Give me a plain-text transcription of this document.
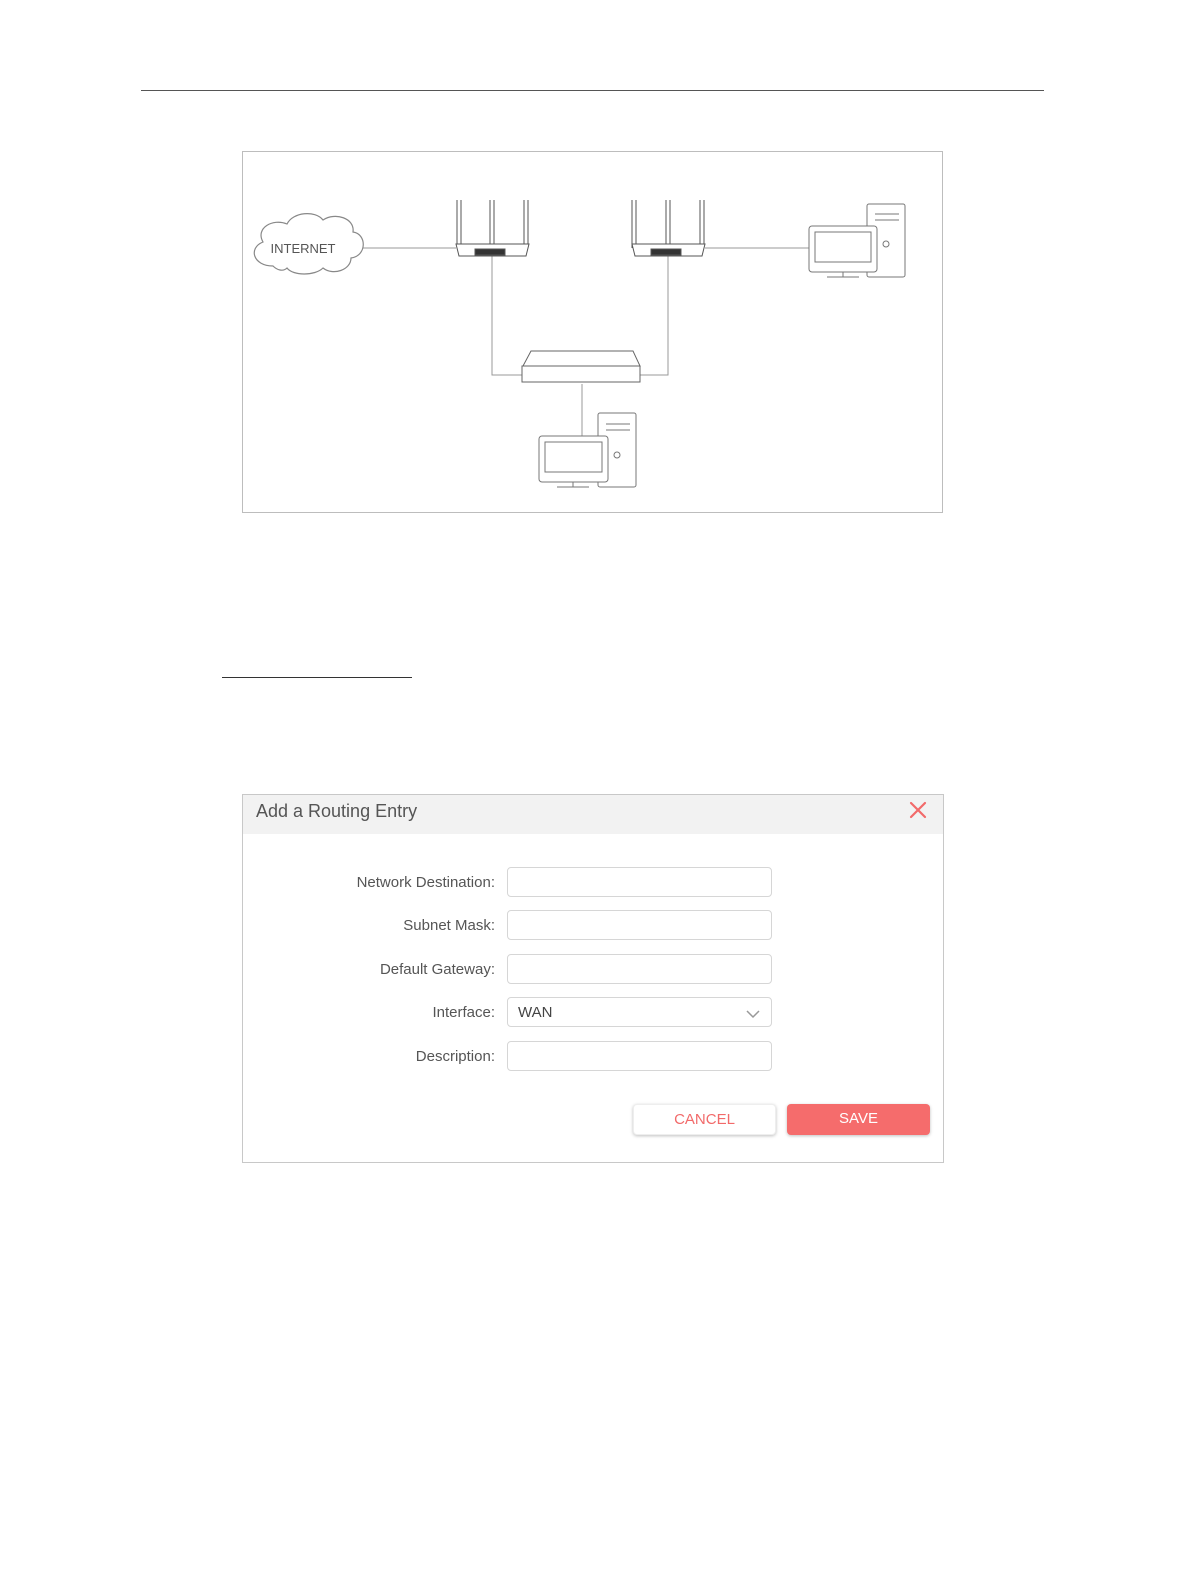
INTERNET
Add a Routing Entry
Network Destination:
Subnet Mask:
Default Gateway:
Interface: WAN
Description:
CANCEL	SAVE
